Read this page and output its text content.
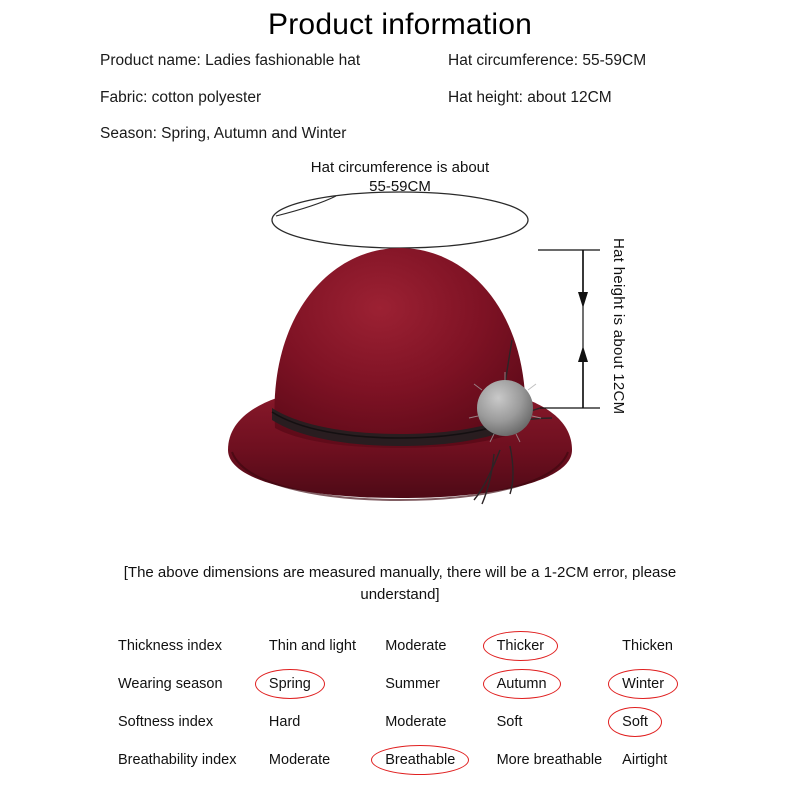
Product information
Product name: Ladies fashionable hat
Fabric: cotton polyester
Season: Spring, Autumn and Winter
Hat circumference: 55-59CM
Hat height: about 12CM
Hat circumference is about 55-59CM
Hat height is about 12CM
[The above dimensions are measured manually, there will be a 1-2CM error, please understand]
Thickness index	Thin and light	Moderate	Thicker	Thicken
Wearing season	Spring	Summer	Autumn	Winter
Softness index	Hard	Moderate	Soft	Soft
Breathability index	Moderate	Breathable	More breathable	Airtight
